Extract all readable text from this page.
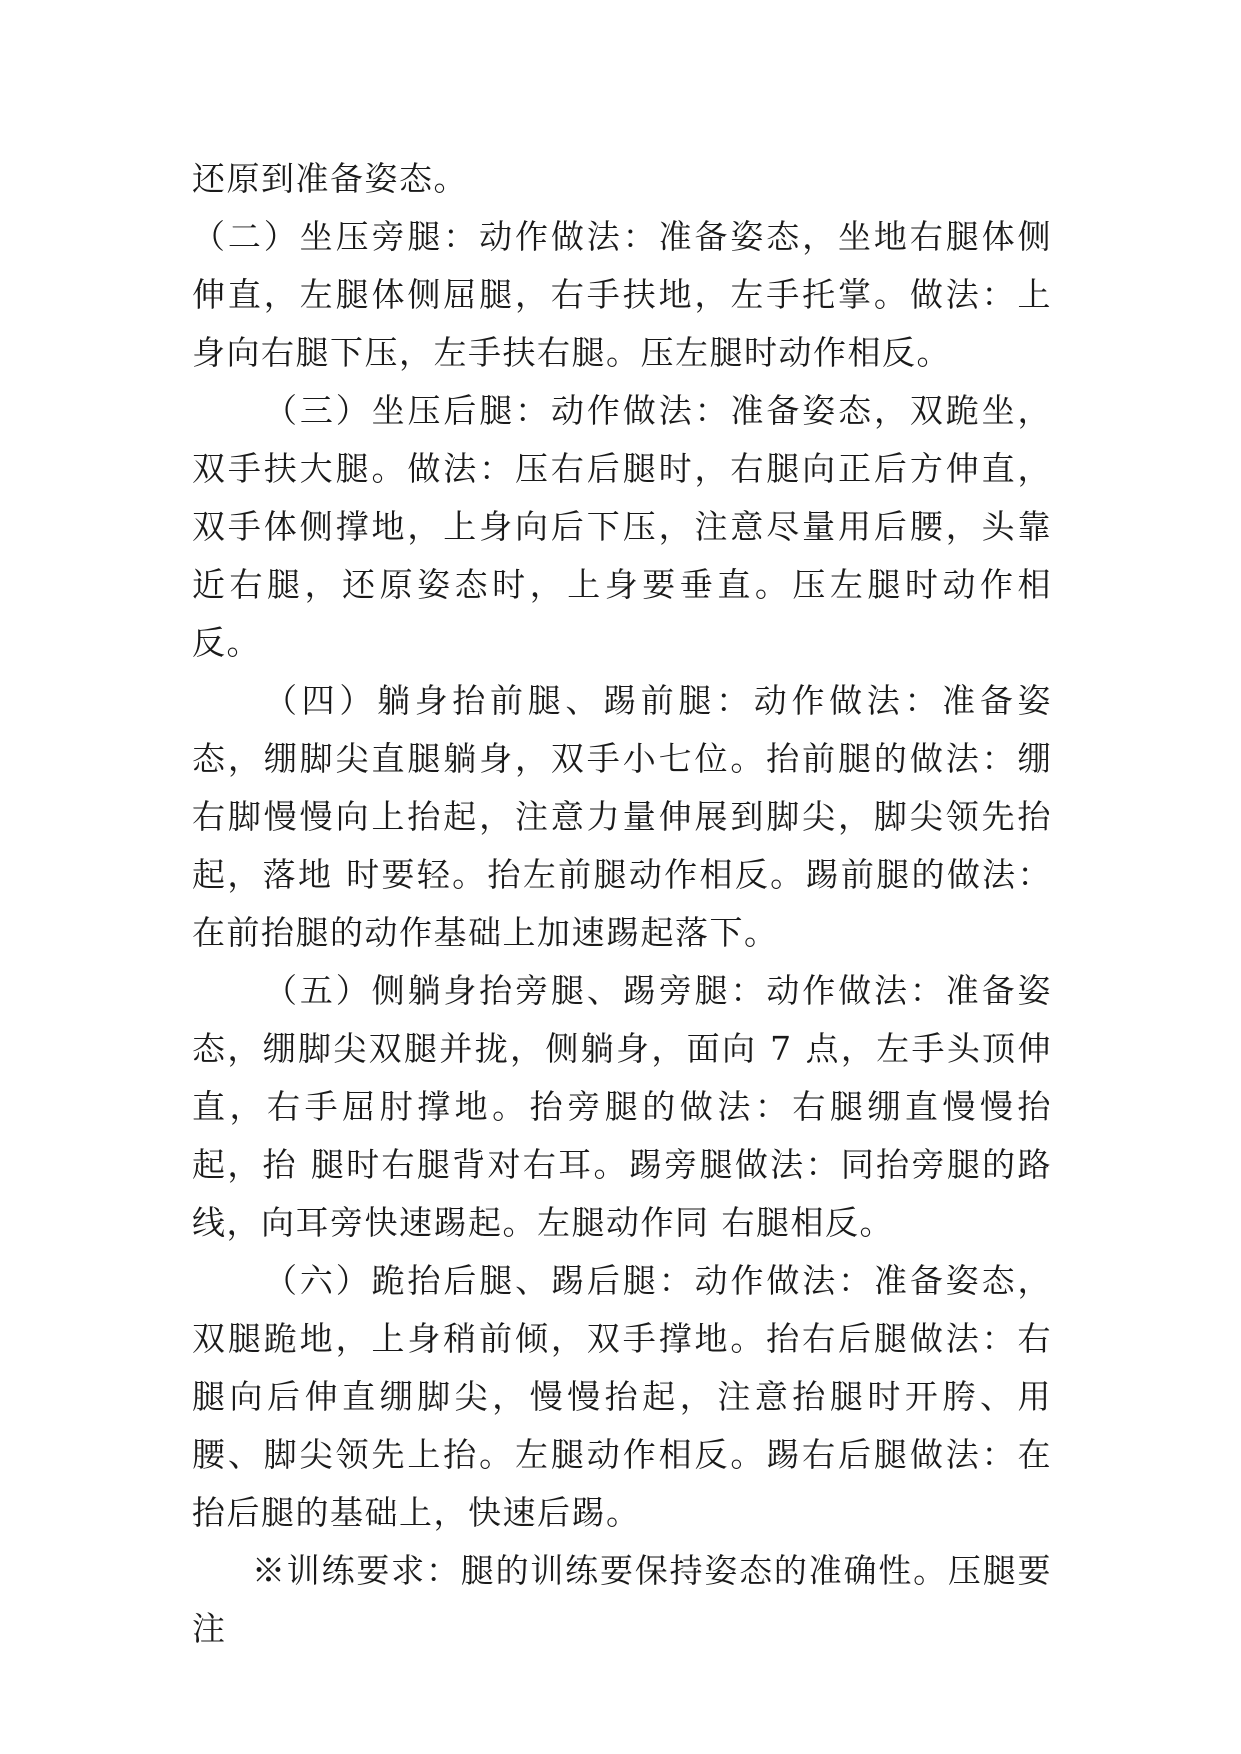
还原到准备姿态。

（二）坐压旁腿：动作做法：准备姿态，坐地右腿体侧伸直，左腿体侧屈腿，右手扶地，左手托掌。做法：上身向右腿下压，左手扶右腿。压左腿时动作相反。

（三）坐压后腿：动作做法：准备姿态，双跪坐，双手扶大腿。做法：压右后腿时，右腿向正后方伸直，双手体侧撑地，上身向后下压，注意尽量用后腰，头靠近右腿，还原姿态时，上身要垂直。压左腿时动作相反。

（四）躺身抬前腿、踢前腿：动作做法：准备姿态，绷脚尖直腿躺身，双手小七位。抬前腿的做法：绷右脚慢慢向上抬起，注意力量伸展到脚尖，脚尖领先抬起，落地 时要轻。抬左前腿动作相反。踢前腿的做法：在前抬腿的动作基础上加速踢起落下。

（五）侧躺身抬旁腿、踢旁腿：动作做法：准备姿态，绷脚尖双腿并拢，侧躺身，面向 7 点，左手头顶伸直，右手屈肘撑地。抬旁腿的做法：右腿绷直慢慢抬起，抬 腿时右腿背对右耳。踢旁腿做法：同抬旁腿的路线，向耳旁快速踢起。左腿动作同 右腿相反。

（六）跪抬后腿、踢后腿：动作做法：准备姿态，双腿跪地，上身稍前倾，双手撑地。抬右后腿做法：右腿向后伸直绷脚尖，慢慢抬起，注意抬腿时开胯、用腰、脚尖领先上抬。左腿动作相反。踢右后腿做法：在抬后腿的基础上，快速后踢。

※训练要求：腿的训练要保持姿态的准确性。压腿要注
